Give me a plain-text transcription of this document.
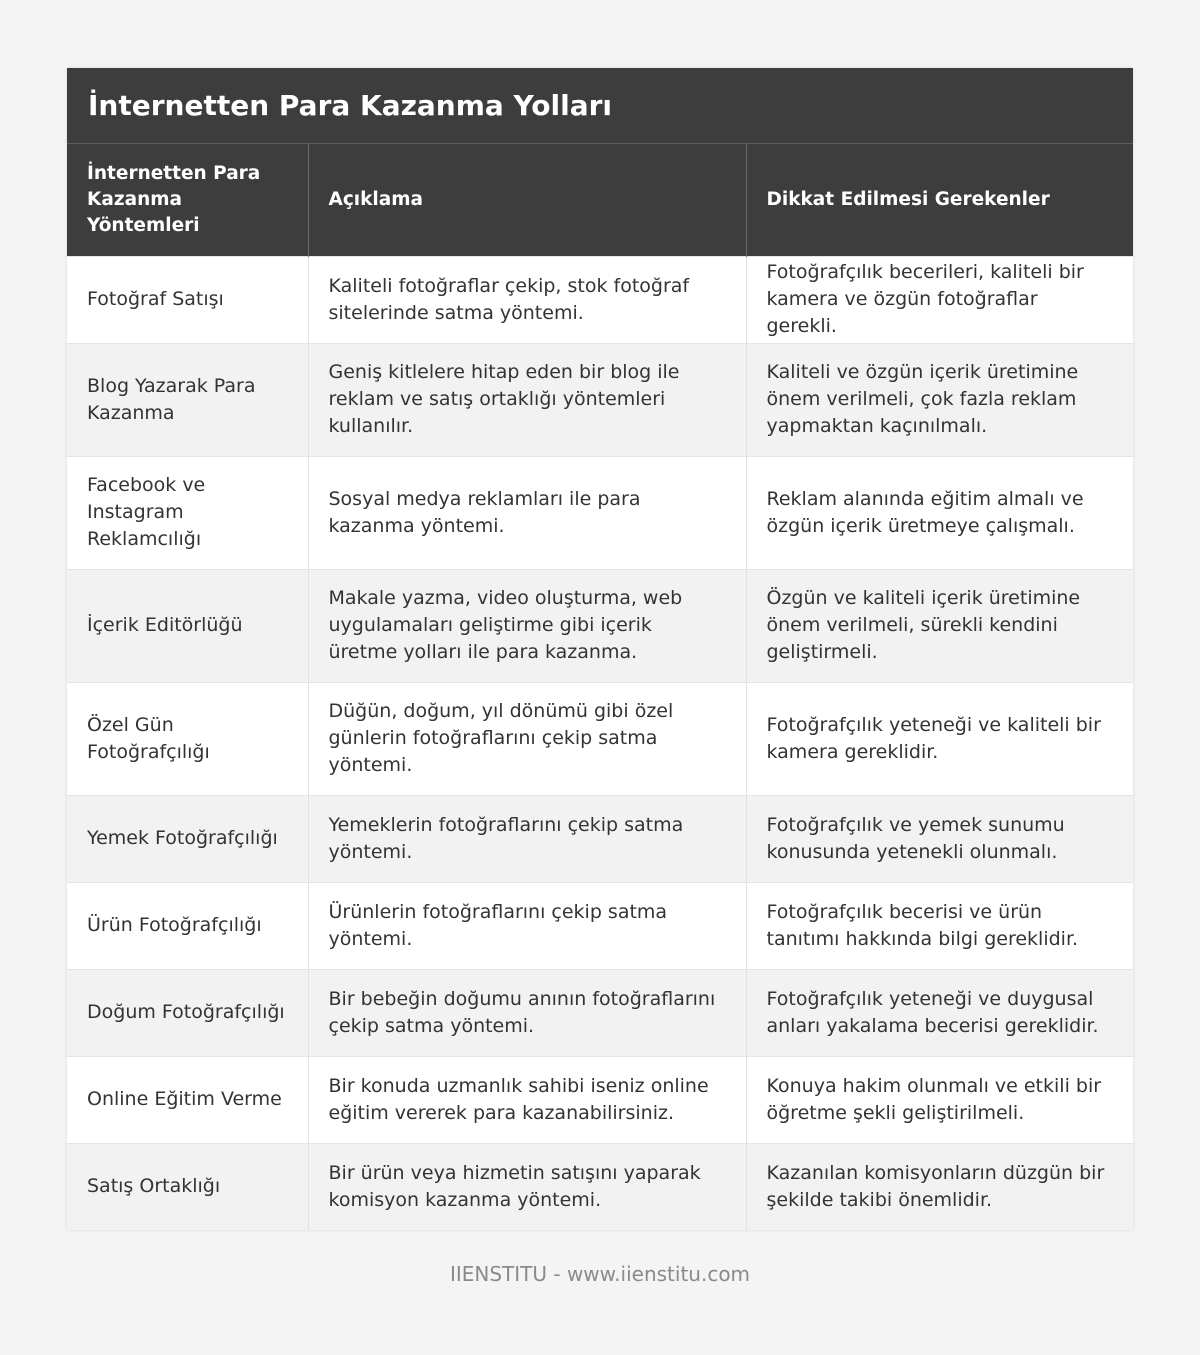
İnternetten Para Kazanma Yolları
İnternetten Para Kazanma Yöntemleri	Açıklama	Dikkat Edilmesi Gerekenler
Fotoğraf Satışı	Kaliteli fotoğraflar çekip, stok fotoğraf sitelerinde satma yöntemi.	Fotoğrafçılık becerileri, kaliteli bir kamera ve özgün fotoğraflar gerekli.
Blog Yazarak Para Kazanma	Geniş kitlelere hitap eden bir blog ile reklam ve satış ortaklığı yöntemleri kullanılır.	Kaliteli ve özgün içerik üretimine önem verilmeli, çok fazla reklam yapmaktan kaçınılmalı.
Facebook ve Instagram Reklamcılığı	Sosyal medya reklamları ile para kazanma yöntemi.	Reklam alanında eğitim almalı ve özgün içerik üretmeye çalışmalı.
İçerik Editörlüğü	Makale yazma, video oluşturma, web uygulamaları geliştirme gibi içerik üretme yolları ile para kazanma.	Özgün ve kaliteli içerik üretimine önem verilmeli, sürekli kendini geliştirmeli.
Özel Gün Fotoğrafçılığı	Düğün, doğum, yıl dönümü gibi özel günlerin fotoğraflarını çekip satma yöntemi.	Fotoğrafçılık yeteneği ve kaliteli bir kamera gereklidir.
Yemek Fotoğrafçılığı	Yemeklerin fotoğraflarını çekip satma yöntemi.	Fotoğrafçılık ve yemek sunumu konusunda yetenekli olunmalı.
Ürün Fotoğrafçılığı	Ürünlerin fotoğraflarını çekip satma yöntemi.	Fotoğrafçılık becerisi ve ürün tanıtımı hakkında bilgi gereklidir.
Doğum Fotoğrafçılığı	Bir bebeğin doğumu anının fotoğraflarını çekip satma yöntemi.	Fotoğrafçılık yeteneği ve duygusal anları yakalama becerisi gereklidir.
Online Eğitim Verme	Bir konuda uzmanlık sahibi iseniz online eğitim vererek para kazanabilirsiniz.	Konuya hakim olunmalı ve etkili bir öğretme şekli geliştirilmeli.
Satış Ortaklığı	Bir ürün veya hizmetin satışını yaparak komisyon kazanma yöntemi.	Kazanılan komisyonların düzgün bir şekilde takibi önemlidir.
IIENSTITU - www.iienstitu.com
